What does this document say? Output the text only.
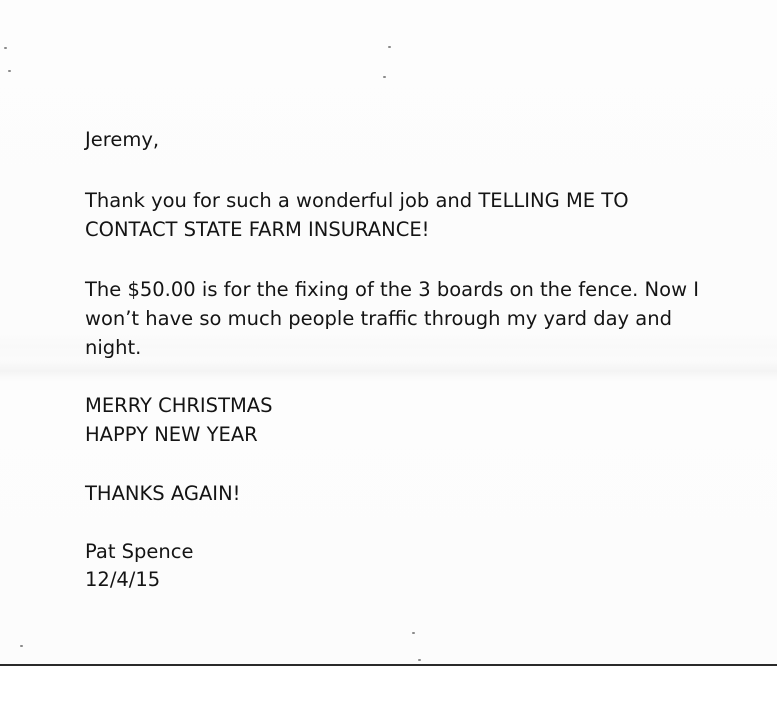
Jeremy,

Thank you for such a wonderful job and TELLING ME TO

CONTACT STATE FARM INSURANCE!

The $50.00 is for the fixing of the 3 boards on the fence. Now I

won’t have so much people traffic through my yard day and

night.

MERRY CHRISTMAS

HAPPY NEW YEAR

THANKS AGAIN!

Pat Spence

12/4/15
